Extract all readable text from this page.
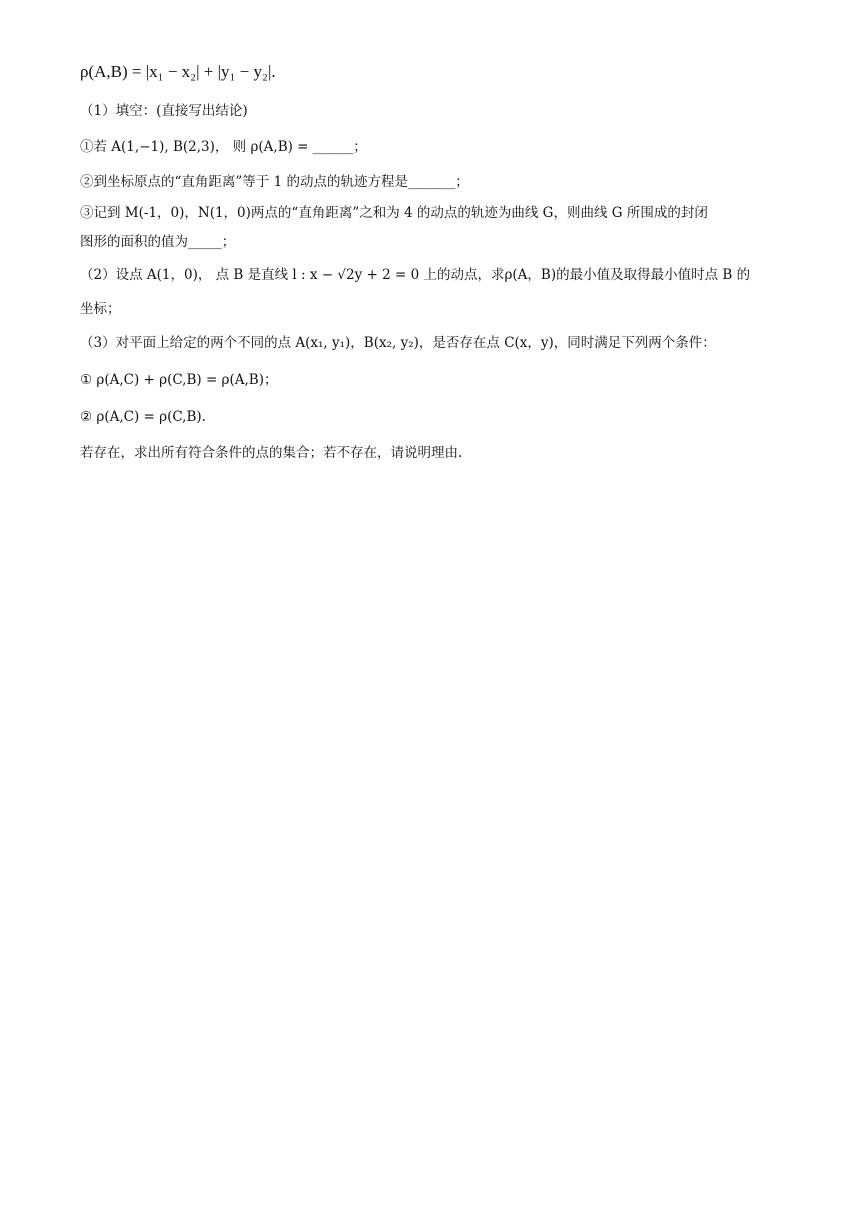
ρ(A,B) = |x₁ − x₂| + |y₁ − y₂|.
（1）填空：(直接写出结论)
①若 A(1,−1), B(2,3)， 则 ρ(A,B) = ______；
②到坐标原点的“直角距离”等于 1 的动点的轨迹方程是_______；
③记到 M(-1，0)，N(1，0)两点的“直角距离”之和为 4 的动点的轨迹为曲线 G，则曲线 G 所围成的封闭
图形的面积的值为_____；
（2）设点 A(1，0)， 点 B 是直线 l : x − √2y + 2 = 0 上的动点，求ρ(A，B)的最小值及取得最小值时点 B 的
坐标；
（3）对平面上给定的两个不同的点 A(x₁, y₁)，B(x₂, y₂)，是否存在点 C(x，y)，同时满足下列两个条件：
① ρ(A,C) + ρ(C,B) = ρ(A,B)；
② ρ(A,C) = ρ(C,B).
若存在，求出所有符合条件的点的集合；若不存在，请说明理由.
